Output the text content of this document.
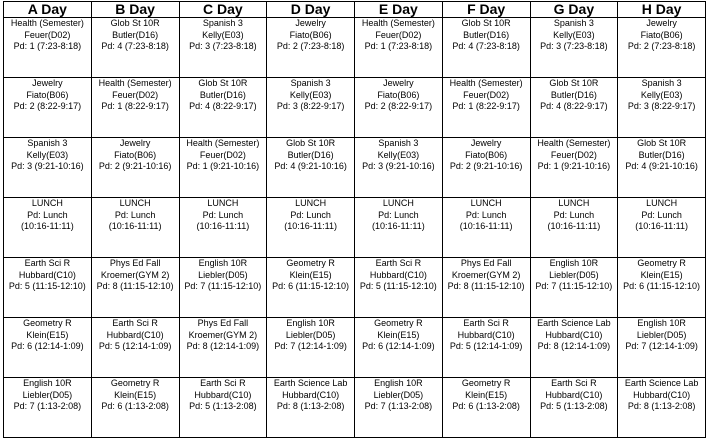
A Day	B Day	C Day	D Day	E Day	F Day	G Day	H Day

Health (Semester)
Feuer(D02)
Pd: 1 (7:23-8:18)	Glob St 10R
Butler(D16)
Pd: 4 (7:23-8:18)	Spanish 3
Kelly(E03)
Pd: 3 (7:23-8:18)	Jewelry
Fiato(B06)
Pd: 2 (7:23-8:18)	Health (Semester)
Feuer(D02)
Pd: 1 (7:23-8:18)	Glob St 10R
Butler(D16)
Pd: 4 (7:23-8:18)	Spanish 3
Kelly(E03)
Pd: 3 (7:23-8:18)	Jewelry
Fiato(B06)
Pd: 2 (7:23-8:18)

Jewelry
Fiato(B06)
Pd: 2 (8:22-9:17)	Health (Semester)
Feuer(D02)
Pd: 1 (8:22-9:17)	Glob St 10R
Butler(D16)
Pd: 4 (8:22-9:17)	Spanish 3
Kelly(E03)
Pd: 3 (8:22-9:17)	Jewelry
Fiato(B06)
Pd: 2 (8:22-9:17)	Health (Semester)
Feuer(D02)
Pd: 1 (8:22-9:17)	Glob St 10R
Butler(D16)
Pd: 4 (8:22-9:17)	Spanish 3
Kelly(E03)
Pd: 3 (8:22-9:17)

Spanish 3
Kelly(E03)
Pd: 3 (9:21-10:16)	Jewelry
Fiato(B06)
Pd: 2 (9:21-10:16)	Health (Semester)
Feuer(D02)
Pd: 1 (9:21-10:16)	Glob St 10R
Butler(D16)
Pd: 4 (9:21-10:16)	Spanish 3
Kelly(E03)
Pd: 3 (9:21-10:16)	Jewelry
Fiato(B06)
Pd: 2 (9:21-10:16)	Health (Semester)
Feuer(D02)
Pd: 1 (9:21-10:16)	Glob St 10R
Butler(D16)
Pd: 4 (9:21-10:16)

LUNCH
Pd: Lunch
(10:16-11:11)	LUNCH
Pd: Lunch
(10:16-11:11)	LUNCH
Pd: Lunch
(10:16-11:11)	LUNCH
Pd: Lunch
(10:16-11:11)	LUNCH
Pd: Lunch
(10:16-11:11)	LUNCH
Pd: Lunch
(10:16-11:11)	LUNCH
Pd: Lunch
(10:16-11:11)	LUNCH
Pd: Lunch
(10:16-11:11)

Earth Sci R
Hubbard(C10)
Pd: 5 (11:15-12:10)	Phys Ed Fall
Kroemer(GYM 2)
Pd: 8 (11:15-12:10)	English 10R
Liebler(D05)
Pd: 7 (11:15-12:10)	Geometry R
Klein(E15)
Pd: 6 (11:15-12:10)	Earth Sci R
Hubbard(C10)
Pd: 5 (11:15-12:10)	Phys Ed Fall
Kroemer(GYM 2)
Pd: 8 (11:15-12:10)	English 10R
Liebler(D05)
Pd: 7 (11:15-12:10)	Geometry R
Klein(E15)
Pd: 6 (11:15-12:10)

Geometry R
Klein(E15)
Pd: 6 (12:14-1:09)	Earth Sci R
Hubbard(C10)
Pd: 5 (12:14-1:09)	Phys Ed Fall
Kroemer(GYM 2)
Pd: 8 (12:14-1:09)	English 10R
Liebler(D05)
Pd: 7 (12:14-1:09)	Geometry R
Klein(E15)
Pd: 6 (12:14-1:09)	Earth Sci R
Hubbard(C10)
Pd: 5 (12:14-1:09)	Earth Science Lab
Hubbard(C10)
Pd: 8 (12:14-1:09)	English 10R
Liebler(D05)
Pd: 7 (12:14-1:09)

English 10R
Liebler(D05)
Pd: 7 (1:13-2:08)	Geometry R
Klein(E15)
Pd: 6 (1:13-2:08)	Earth Sci R
Hubbard(C10)
Pd: 5 (1:13-2:08)	Earth Science Lab
Hubbard(C10)
Pd: 8 (1:13-2:08)	English 10R
Liebler(D05)
Pd: 7 (1:13-2:08)	Geometry R
Klein(E15)
Pd: 6 (1:13-2:08)	Earth Sci R
Hubbard(C10)
Pd: 5 (1:13-2:08)	Earth Science Lab
Hubbard(C10)
Pd: 8 (1:13-2:08)
